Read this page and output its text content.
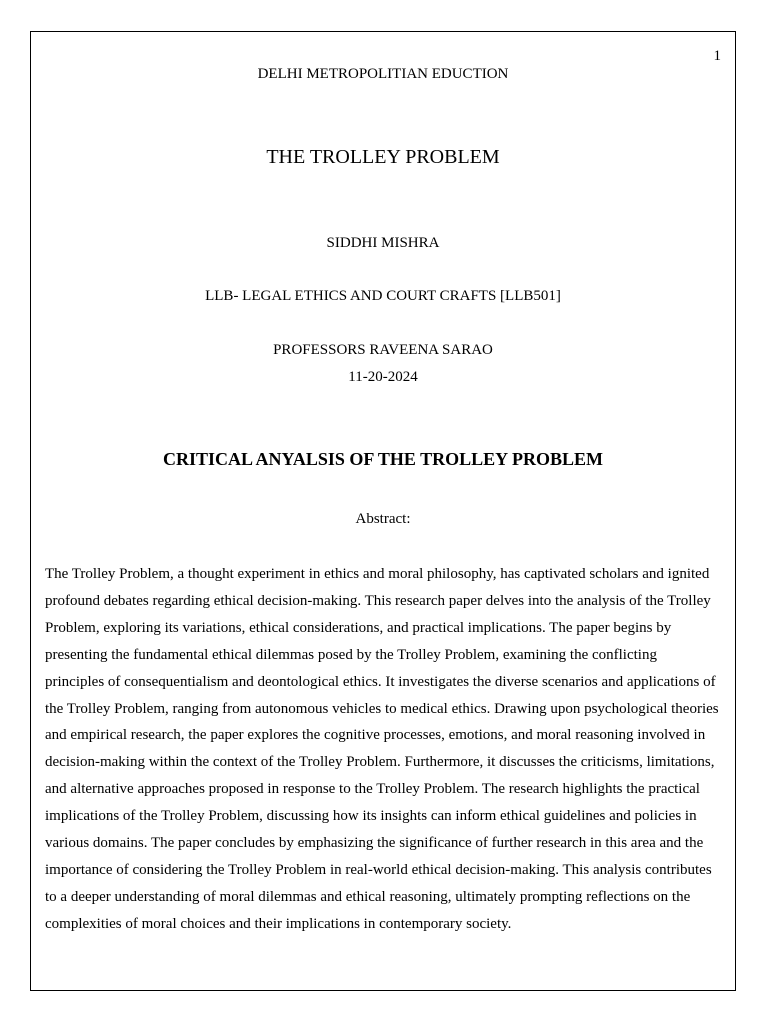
1
DELHI METROPOLITIAN EDUCTION
THE TROLLEY PROBLEM
SIDDHI MISHRA
LLB- LEGAL ETHICS AND COURT CRAFTS [LLB501]
PROFESSORS RAVEENA SARAO
11-20-2024
CRITICAL ANYALSIS OF THE TROLLEY PROBLEM
Abstract:
The Trolley Problem, a thought experiment in ethics and moral philosophy, has captivated scholars and ignited
profound debates regarding ethical decision-making. This research paper delves into the analysis of the Trolley
Problem, exploring its variations, ethical considerations, and practical implications. The paper begins by
presenting the fundamental ethical dilemmas posed by the Trolley Problem, examining the conflicting
principles of consequentialism and deontological ethics. It investigates the diverse scenarios and applications of
the Trolley Problem, ranging from autonomous vehicles to medical ethics. Drawing upon psychological theories
and empirical research, the paper explores the cognitive processes, emotions, and moral reasoning involved in
decision-making within the context of the Trolley Problem. Furthermore, it discusses the criticisms, limitations,
and alternative approaches proposed in response to the Trolley Problem. The research highlights the practical
implications of the Trolley Problem, discussing how its insights can inform ethical guidelines and policies in
various domains. The paper concludes by emphasizing the significance of further research in this area and the
importance of considering the Trolley Problem in real-world ethical decision-making. This analysis contributes
to a deeper understanding of moral dilemmas and ethical reasoning, ultimately prompting reflections on the
complexities of moral choices and their implications in contemporary society.
